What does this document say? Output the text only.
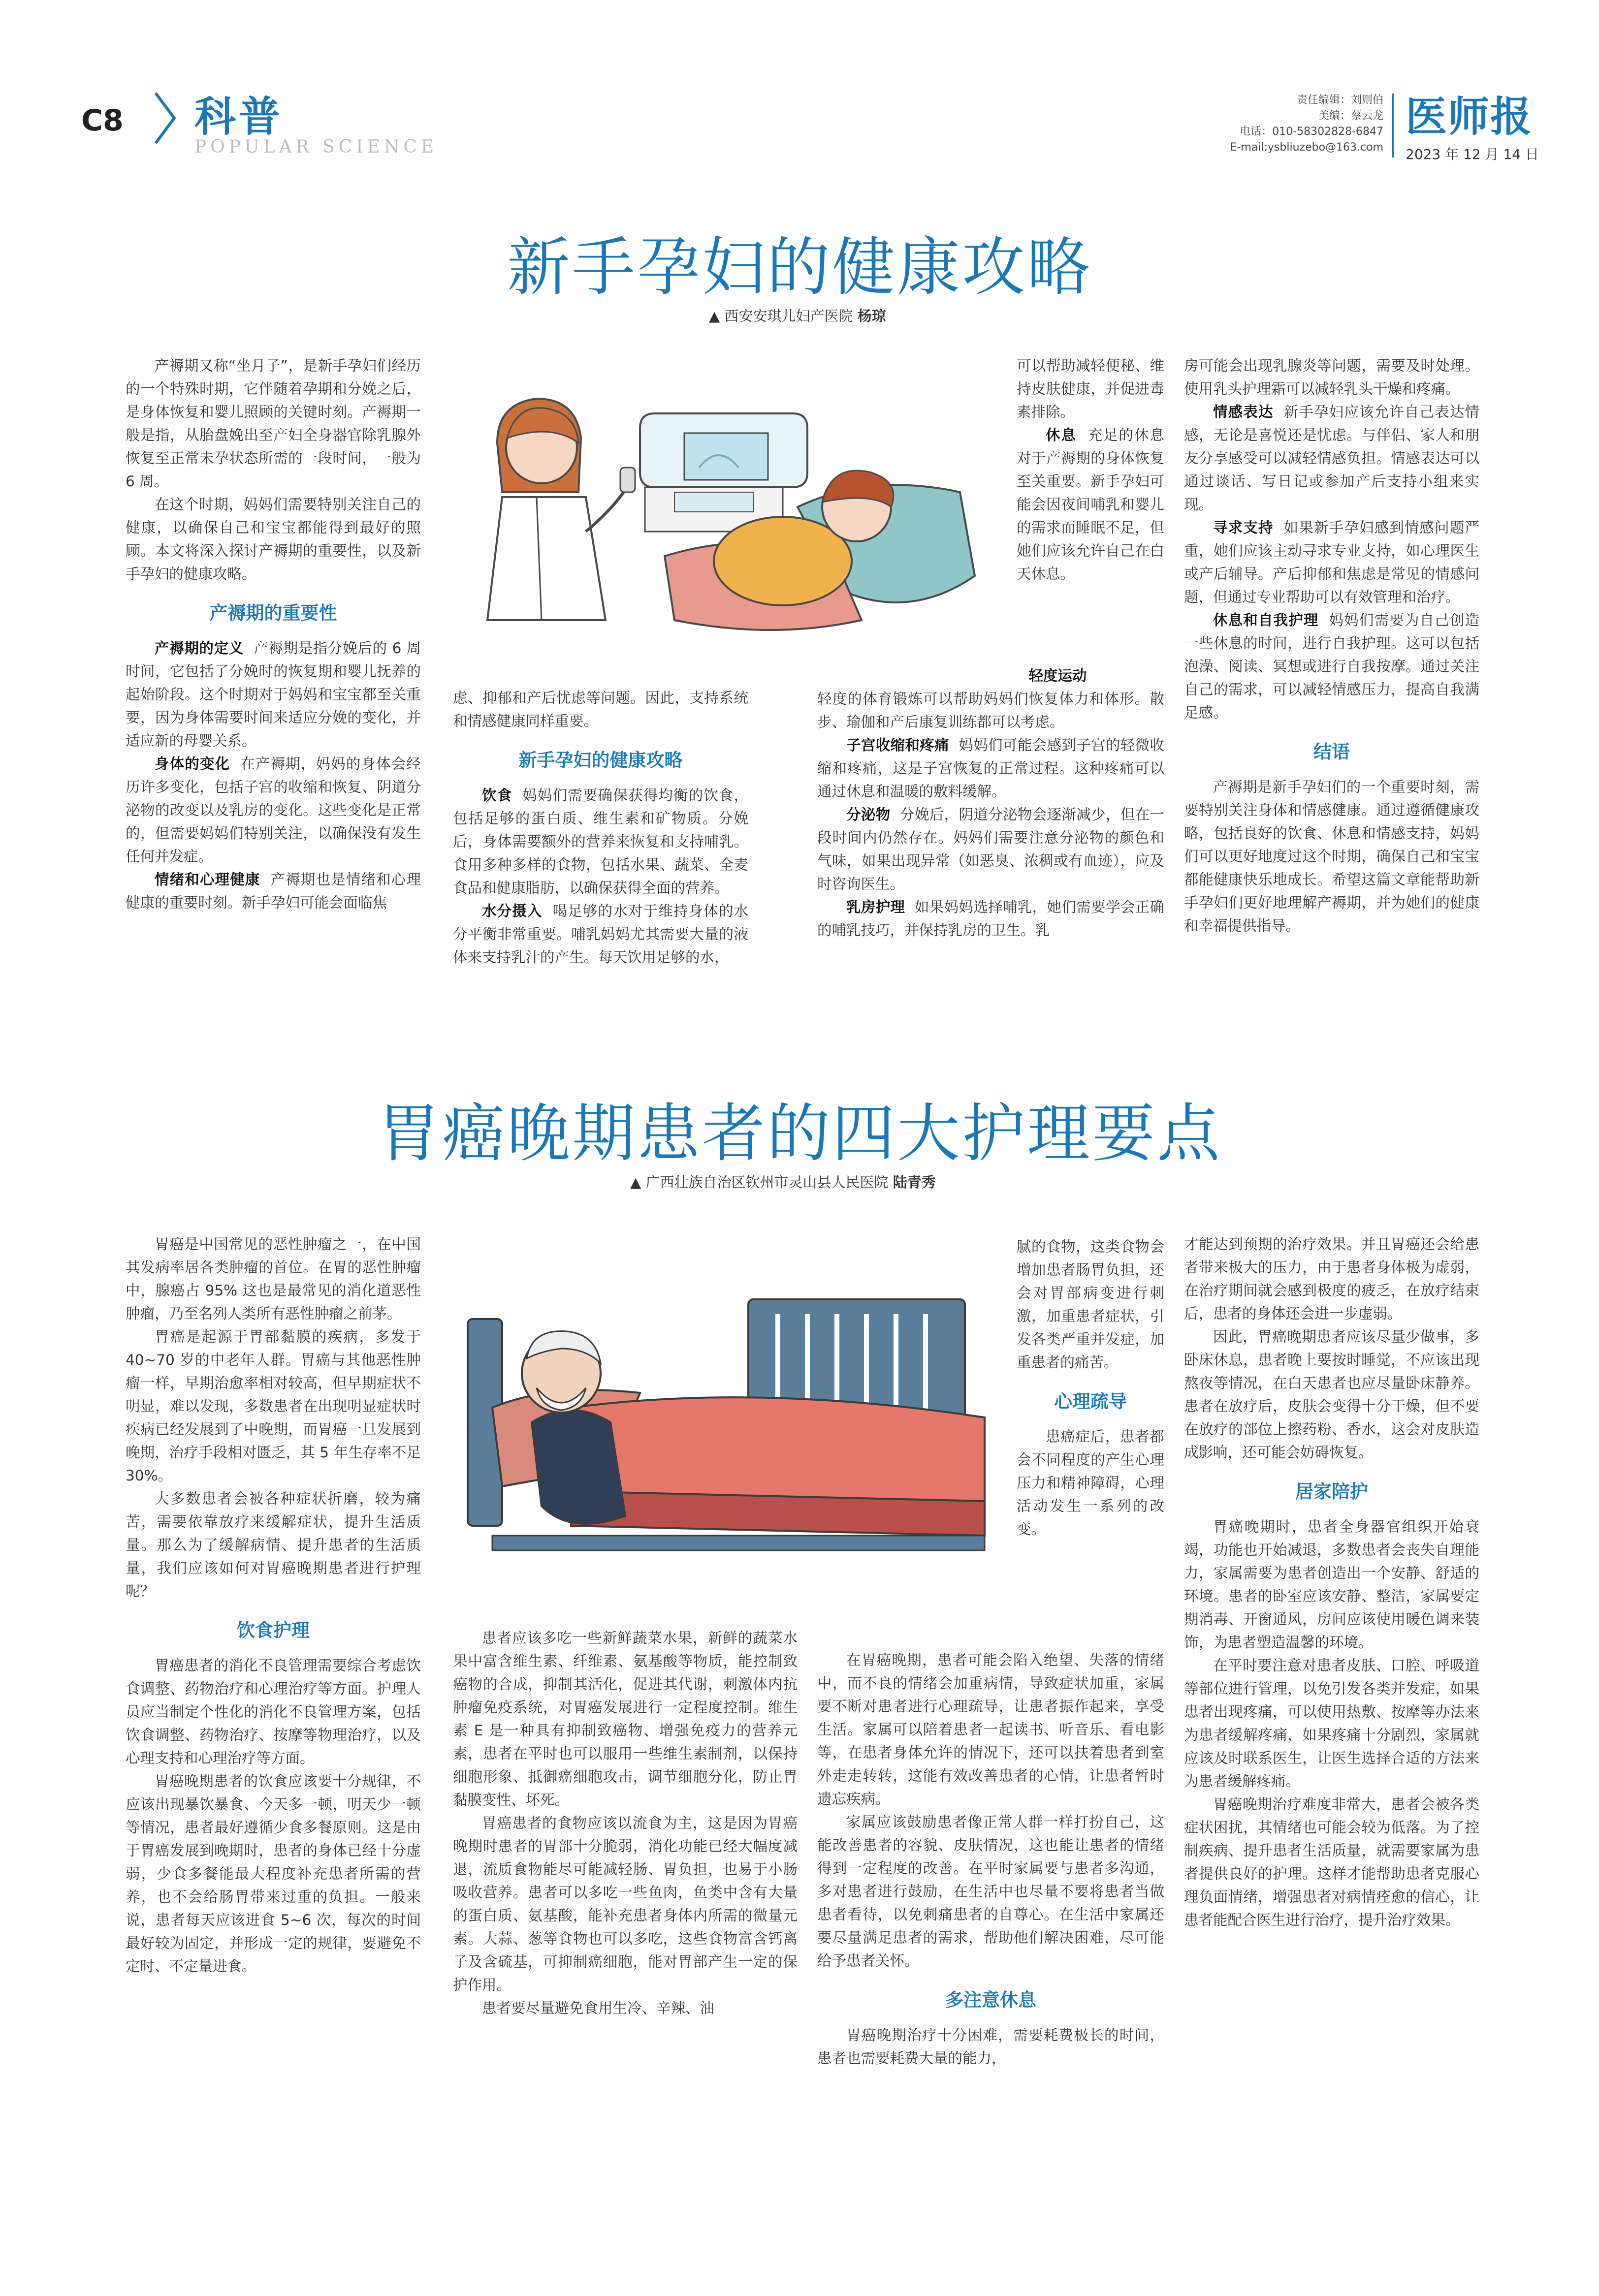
C8 科普
POPULAR SCIENCE
责任编辑：刘则伯
美编：蔡云龙
电话：010-58302828-6847
E-mail:ysbliuzebo@163.com
医师报
2023 年 12 月 14 日
新手孕妇的健康攻略
▲ 西安安琪儿妇产医院 杨琼

产褥期又称“坐月子”，是新手孕妇们经历的一个特殊时期，它伴随着孕期和分娩之后，是身体恢复和婴儿照顾的关键时刻。产褥期一般是指，从胎盘娩出至产妇全身器官除乳腺外恢复至正常未孕状态所需的一段时间，一般为 6 周。

在这个时期，妈妈们需要特别关注自己的健康，以确保自己和宝宝都能得到最好的照顾。本文将深入探讨产褥期的重要性，以及新手孕妇的健康攻略。

产褥期的重要性

产褥期的定义 产褥期是指分娩后的 6 周时间，它包括了分娩时的恢复期和婴儿抚养的起始阶段。这个时期对于妈妈和宝宝都至关重要，因为身体需要时间来适应分娩的变化，并适应新的母婴关系。

身体的变化 在产褥期，妈妈的身体会经历许多变化，包括子宫的收缩和恢复、阴道分泌物的改变以及乳房的变化。这些变化是正常的，但需要妈妈们特别关注，以确保没有发生任何并发症。

情绪和心理健康 产褥期也是情绪和心理健康的重要时刻。新手孕妇可能会面临焦

虑、抑郁和产后忧虑等问题。因此，支持系统和情感健康同样重要。

新手孕妇的健康攻略

饮食 妈妈们需要确保获得均衡的饮食，包括足够的蛋白质、维生素和矿物质。分娩后，身体需要额外的营养来恢复和支持哺乳。食用多种多样的食物，包括水果、蔬菜、全麦食品和健康脂肪，以确保获得全面的营养。

水分摄入 喝足够的水对于维持身体的水分平衡非常重要。哺乳妈妈尤其需要大量的液体来支持乳汁的产生。每天饮用足够的水，

可以帮助减轻便秘、维持皮肤健康，并促进毒素排除。

休息 充足的休息对于产褥期的身体恢复至关重要。新手孕妇可能会因夜间哺乳和婴儿的需求而睡眠不足，但她们应该允许自己在白天休息。

轻度运动

轻度的体育锻炼可以帮助妈妈们恢复体力和体形。散步、瑜伽和产后康复训练都可以考虑。

子宫收缩和疼痛 妈妈们可能会感到子宫的轻微收缩和疼痛，这是子宫恢复的正常过程。这种疼痛可以通过休息和温暖的敷料缓解。

分泌物 分娩后，阴道分泌物会逐渐减少，但在一段时间内仍然存在。妈妈们需要注意分泌物的颜色和气味，如果出现异常（如恶臭、浓稠或有血迹），应及时咨询医生。

乳房护理 如果妈妈选择哺乳，她们需要学会正确的哺乳技巧，并保持乳房的卫生。乳

房可能会出现乳腺炎等问题，需要及时处理。使用乳头护理霜可以减轻乳头干燥和疼痛。

情感表达 新手孕妇应该允许自己表达情感，无论是喜悦还是忧虑。与伴侣、家人和朋友分享感受可以减轻情感负担。情感表达可以通过谈话、写日记或参加产后支持小组来实现。

寻求支持 如果新手孕妇感到情感问题严重，她们应该主动寻求专业支持，如心理医生或产后辅导。产后抑郁和焦虑是常见的情感问题，但通过专业帮助可以有效管理和治疗。

休息和自我护理 妈妈们需要为自己创造一些休息的时间，进行自我护理。这可以包括泡澡、阅读、冥想或进行自我按摩。通过关注自己的需求，可以减轻情感压力，提高自我满足感。

结语

产褥期是新手孕妇们的一个重要时刻，需要特别关注身体和情感健康。通过遵循健康攻略，包括良好的饮食、休息和情感支持，妈妈们可以更好地度过这个时期，确保自己和宝宝都能健康快乐地成长。希望这篇文章能帮助新手孕妇们更好地理解产褥期，并为她们的健康和幸福提供指导。

胃癌晚期患者的四大护理要点
▲ 广西壮族自治区钦州市灵山县人民医院 陆青秀

胃癌是中国常见的恶性肿瘤之一，在中国其发病率居各类肿瘤的首位。在胃的恶性肿瘤中，腺癌占 95% 这也是最常见的消化道恶性肿瘤，乃至名列人类所有恶性肿瘤之前茅。

胃癌是起源于胃部黏膜的疾病，多发于 40~70 岁的中老年人群。胃癌与其他恶性肿瘤一样，早期治愈率相对较高，但早期症状不明显，难以发现，多数患者在出现明显症状时疾病已经发展到了中晚期，而胃癌一旦发展到晚期，治疗手段相对匮乏，其 5 年生存率不足 30%。

大多数患者会被各种症状折磨，较为痛苦，需要依靠放疗来缓解症状，提升生活质量。那么为了缓解病情、提升患者的生活质量，我们应该如何对胃癌晚期患者进行护理呢？

饮食护理

胃癌患者的消化不良管理需要综合考虑饮食调整、药物治疗和心理治疗等方面。护理人员应当制定个性化的消化不良管理方案，包括饮食调整、药物治疗、按摩等物理治疗，以及心理支持和心理治疗等方面。

胃癌晚期患者的饮食应该要十分规律，不应该出现暴饮暴食、今天多一顿，明天少一顿等情况，患者最好遵循少食多餐原则。这是由于胃癌发展到晚期时，患者的身体已经十分虚弱，少食多餐能最大程度补充患者所需的营养，也不会给肠胃带来过重的负担。一般来说，患者每天应该进食 5~6 次，每次的时间最好较为固定，并形成一定的规律，要避免不定时、不定量进食。

患者应该多吃一些新鲜蔬菜水果，新鲜的蔬菜水果中富含维生素、纤维素、氨基酸等物质，能控制致癌物的合成，抑制其活化，促进其代谢，刺激体内抗肿瘤免疫系统，对胃癌发展进行一定程度控制。维生素 E 是一种具有抑制致癌物、增强免疫力的营养元素，患者在平时也可以服用一些维生素制剂，以保持细胞形象、抵御癌细胞攻击，调节细胞分化，防止胃黏膜变性、坏死。

胃癌患者的食物应该以流食为主，这是因为胃癌晚期时患者的胃部十分脆弱，消化功能已经大幅度减退，流质食物能尽可能减轻肠、胃负担，也易于小肠吸收营养。患者可以多吃一些鱼肉，鱼类中含有大量的蛋白质、氨基酸，能补充患者身体内所需的微量元素。大蒜、葱等食物也可以多吃，这些食物富含钙离子及含硫基，可抑制癌细胞，能对胃部产生一定的保护作用。

患者要尽量避免食用生冷、辛辣、油

腻的食物，这类食物会增加患者肠胃负担，还会对胃部病变进行刺激，加重患者症状，引发各类严重并发症，加重患者的痛苦。

心理疏导

患癌症后，患者都会不同程度的产生心理压力和精神障碍，心理活动发生一系列的改变。

在胃癌晚期，患者可能会陷入绝望、失落的情绪中，而不良的情绪会加重病情，导致症状加重，家属要不断对患者进行心理疏导，让患者振作起来，享受生活。家属可以陪着患者一起读书、听音乐、看电影等，在患者身体允许的情况下，还可以扶着患者到室外走走转转，这能有效改善患者的心情，让患者暂时遗忘疾病。

家属应该鼓励患者像正常人群一样打扮自己，这能改善患者的容貌、皮肤情况，这也能让患者的情绪得到一定程度的改善。在平时家属要与患者多沟通，多对患者进行鼓励，在生活中也尽量不要将患者当做患者看待，以免刺痛患者的自尊心。在生活中家属还要尽量满足患者的需求，帮助他们解决困难，尽可能给予患者关怀。

多注意休息

胃癌晚期治疗十分困难，需要耗费极长的时间，患者也需要耗费大量的能力，

才能达到预期的治疗效果。并且胃癌还会给患者带来极大的压力，由于患者身体极为虚弱，在治疗期间就会感到极度的疲乏，在放疗结束后，患者的身体还会进一步虚弱。

因此，胃癌晚期患者应该尽量少做事，多卧床休息，患者晚上要按时睡觉，不应该出现熬夜等情况，在白天患者也应尽量卧床静养。患者在放疗后，皮肤会变得十分干燥，但不要在放疗的部位上擦药粉、香水，这会对皮肤造成影响，还可能会妨碍恢复。

居家陪护

胃癌晚期时，患者全身器官组织开始衰竭，功能也开始减退，多数患者会丧失自理能力，家属需要为患者创造出一个安静、舒适的环境。患者的卧室应该安静、整洁，家属要定期消毒、开窗通风，房间应该使用暖色调来装饰，为患者塑造温馨的环境。

在平时要注意对患者皮肤、口腔、呼吸道等部位进行管理，以免引发各类并发症，如果患者出现疼痛，可以使用热敷、按摩等办法来为患者缓解疼痛，如果疼痛十分剧烈，家属就应该及时联系医生，让医生选择合适的方法来为患者缓解疼痛。

胃癌晚期治疗难度非常大，患者会被各类症状困扰，其情绪也可能会较为低落。为了控制疾病、提升患者生活质量，就需要家属为患者提供良好的护理。这样才能帮助患者克服心理负面情绪，增强患者对病情痊愈的信心，让患者能配合医生进行治疗，提升治疗效果。
